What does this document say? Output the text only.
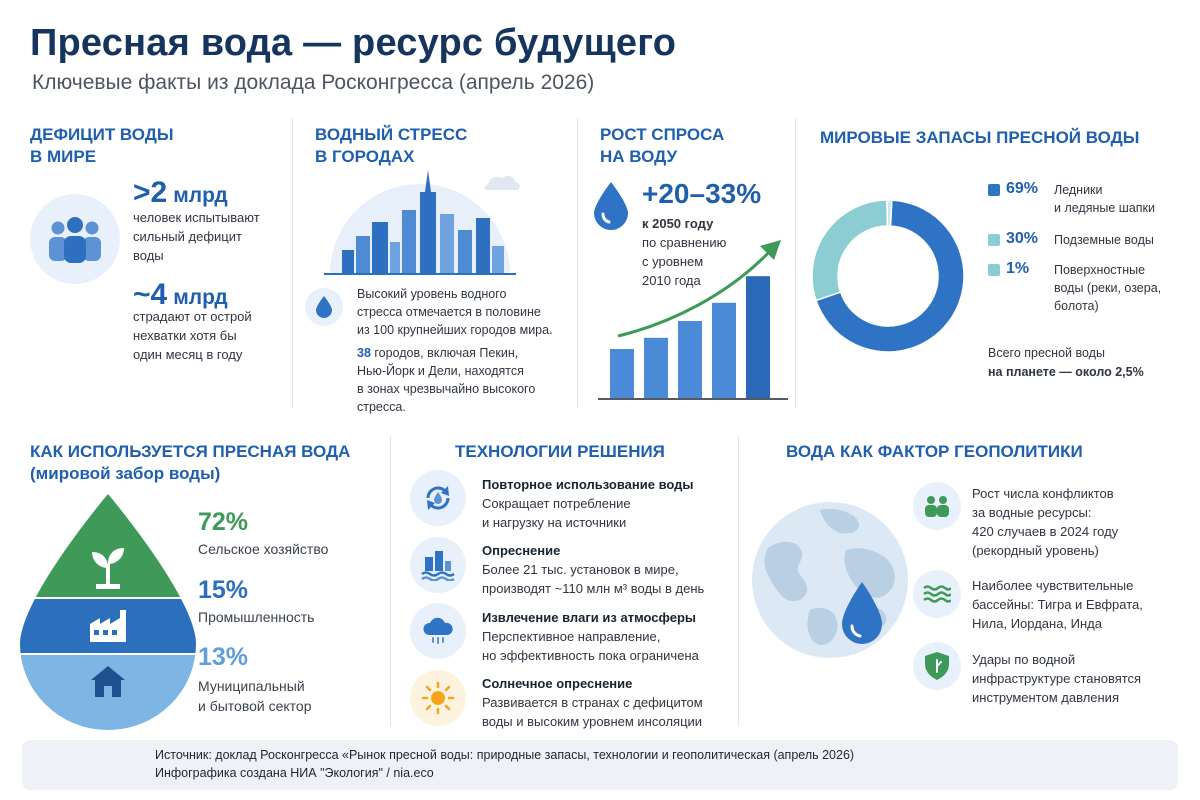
Пресная вода — ресурс будущего
Ключевые факты из доклада Росконгресса (апрель 2026)
ДЕФИЦИТ ВОДЫ
В МИРЕ
>2 млрд
человек испытывают
сильный дефицит
воды
~4 млрд
страдают от острой
нехватки хотя бы
один месяц в году
ВОДНЫЙ СТРЕСС
В ГОРОДАХ
Высокий уровень водного
стресса отмечается в половине
из 100 крупнейших городов мира.
38 городов, включая Пекин,
Нью-Йорк и Дели, находятся
в зонах чрезвычайно высокого
стресса.
РОСТ СПРОСА
НА ВОДУ
+20–33%
к 2050 году
по сравнению
с уровнем
2010 года
МИРОВЫЕ ЗАПАСЫ ПРЕСНОЙ ВОДЫ
69% Ледники
и ледяные шапки
30% Подземные воды
1% Поверхностные
воды (реки, озера,
болота)
Всего пресной воды
на планете — около 2,5%
КАК ИСПОЛЬЗУЕТСЯ ПРЕСНАЯ ВОДА
(мировой забор воды)
72%
Сельское хозяйство
15%
Промышленность
13%
Муниципальный
и бытовой сектор
ТЕХНОЛОГИИ РЕШЕНИЯ
Повторное использование воды
Сокращает потребление
и нагрузку на источники
Опреснение
Более 21 тыс. установок в мире,
производят ~110 млн м³ воды в день
Извлечение влаги из атмосферы
Перспективное направление,
но эффективность пока ограничена
Солнечное опреснение
Развивается в странах с дефицитом
воды и высоким уровнем инсоляции
ВОДА КАК ФАКТОР ГЕОПОЛИТИКИ
Рост числа конфликтов
за водные ресурсы:
420 случаев в 2024 году
(рекордный уровень)
Наиболее чувствительные
бассейны: Тигра и Евфрата,
Нила, Иордана, Инда
Удары по водной
инфраструктуре становятся
инструментом давления
Источник: доклад Росконгресса «Рынок пресной воды: природные запасы, технологии и геополитическая (апрель 2026)
Инфографика создана НИА "Экология" / nia.eco
